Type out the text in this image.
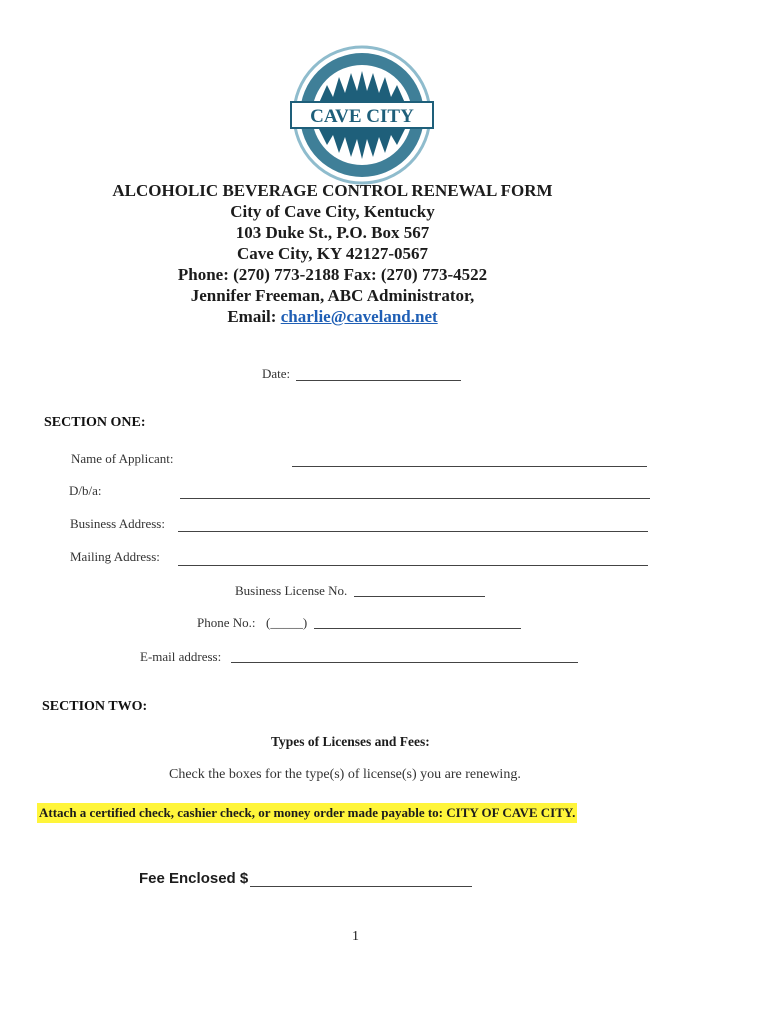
CAVE CITY
ALCOHOLIC BEVERAGE CONTROL RENEWAL FORM
City of Cave City, Kentucky
103 Duke St., P.O. Box 567
Cave City, KY 42127-0567
Phone: (270) 773-2188 Fax: (270) 773-4522
Jennifer Freeman, ABC Administrator,
Email: charlie@caveland.net
Date:
SECTION ONE:
Name of Applicant:
D/b/a:
Business Address:
Mailing Address:
Business License No.
Phone No.: (_____)
E-mail address:
SECTION TWO:
Types of Licenses and Fees:
Check the boxes for the type(s) of license(s) you are renewing.
Attach a certified check, cashier check, or money order made payable to: CITY OF CAVE CITY.
Fee Enclosed $
1
